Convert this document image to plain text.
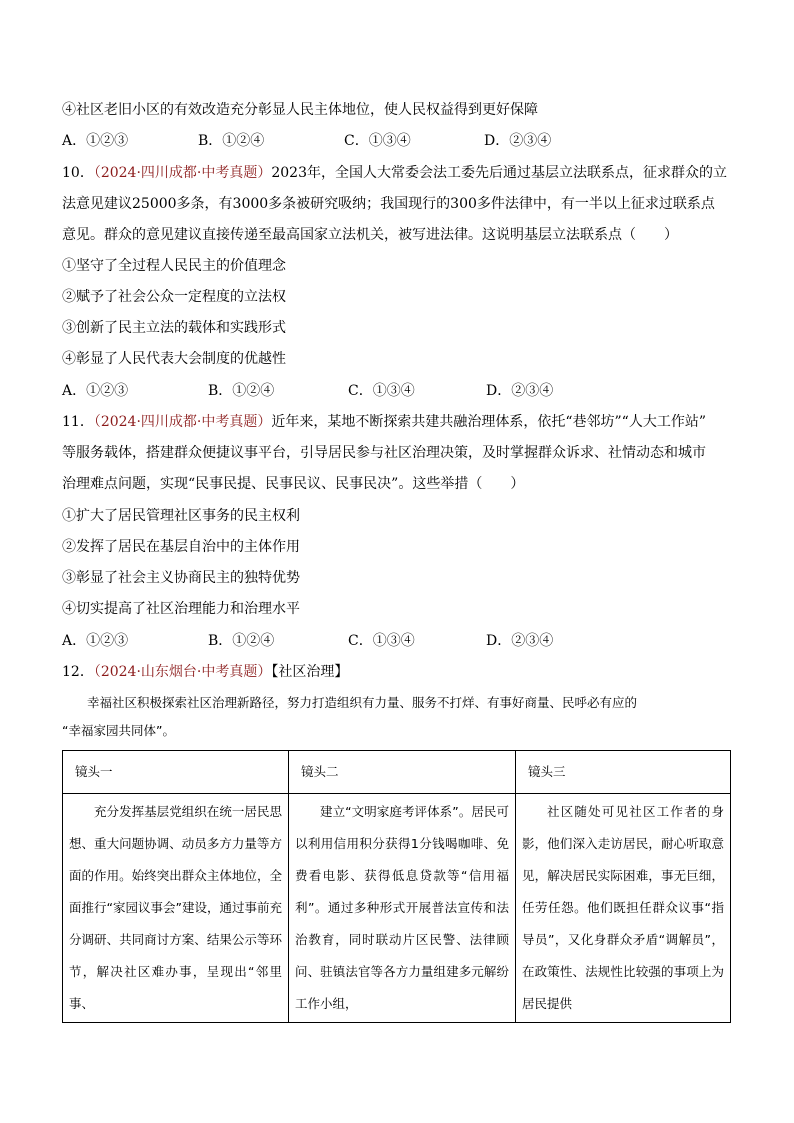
④社区老旧小区的有效改造充分彰显人民主体地位，使人民权益得到更好保障
A．①②③	B．①②④	C．①③④	D．②③④
10．（2024·四川成都·中考真题）2023年，全国人大常委会法工委先后通过基层立法联系点，征求群众的立
法意见建议25000多条，有3000多条被研究吸纳；我国现行的300多件法律中，有一半以上征求过联系点
意见。群众的意见建议直接传递至最高国家立法机关，被写进法律。这说明基层立法联系点（　　）
①坚守了全过程人民民主的价值理念
②赋予了社会公众一定程度的立法权
③创新了民主立法的载体和实践形式
④彰显了人民代表大会制度的优越性
A．①②③	B．①②④	C．①③④	D．②③④
11．（2024·四川成都·中考真题）近年来，某地不断探索共建共融治理体系，依托“巷邻坊”“人大工作站”
等服务载体，搭建群众便捷议事平台，引导居民参与社区治理决策，及时掌握群众诉求、社情动态和城市
治理难点问题，实现“民事民提、民事民议、民事民决”。这些举措（　　）
①扩大了居民管理社区事务的民主权利
②发挥了居民在基层自治中的主体作用
③彰显了社会主义协商民主的独特优势
④切实提高了社区治理能力和治理水平
A．①②③	B．①②④	C．①③④	D．②③④
12．（2024·山东烟台·中考真题）【社区治理】
幸福社区积极探索社区治理新路径，努力打造组织有力量、服务不打烊、有事好商量、民呼必有应的
“幸福家园共同体”。
镜头一	镜头二	镜头三

充分发挥基层党组织在统一居民思想、重大问题协调、动员多方力量等方面的作用。始终突出群众主体地位，全面推行“家园议事会”建设，通过事前充分调研、共同商讨方案、结果公示等环节，解决社区难办事，呈现出“邻里事、	建立“文明家庭考评体系”。居民可以利用信用积分获得1分钱喝咖啡、免费看电影、获得低息贷款等“信用福利”。通过多种形式开展普法宣传和法治教育，同时联动片区民警、法律顾问、驻镇法官等各方力量组建多元解纷工作小组，	社区随处可见社区工作者的身影，他们深入走访居民，耐心听取意见，解决居民实际困难，事无巨细，任劳任怨。他们既担任群众议事“指导员”，又化身群众矛盾“调解员”，在政策性、法规性比较强的事项上为居民提供
